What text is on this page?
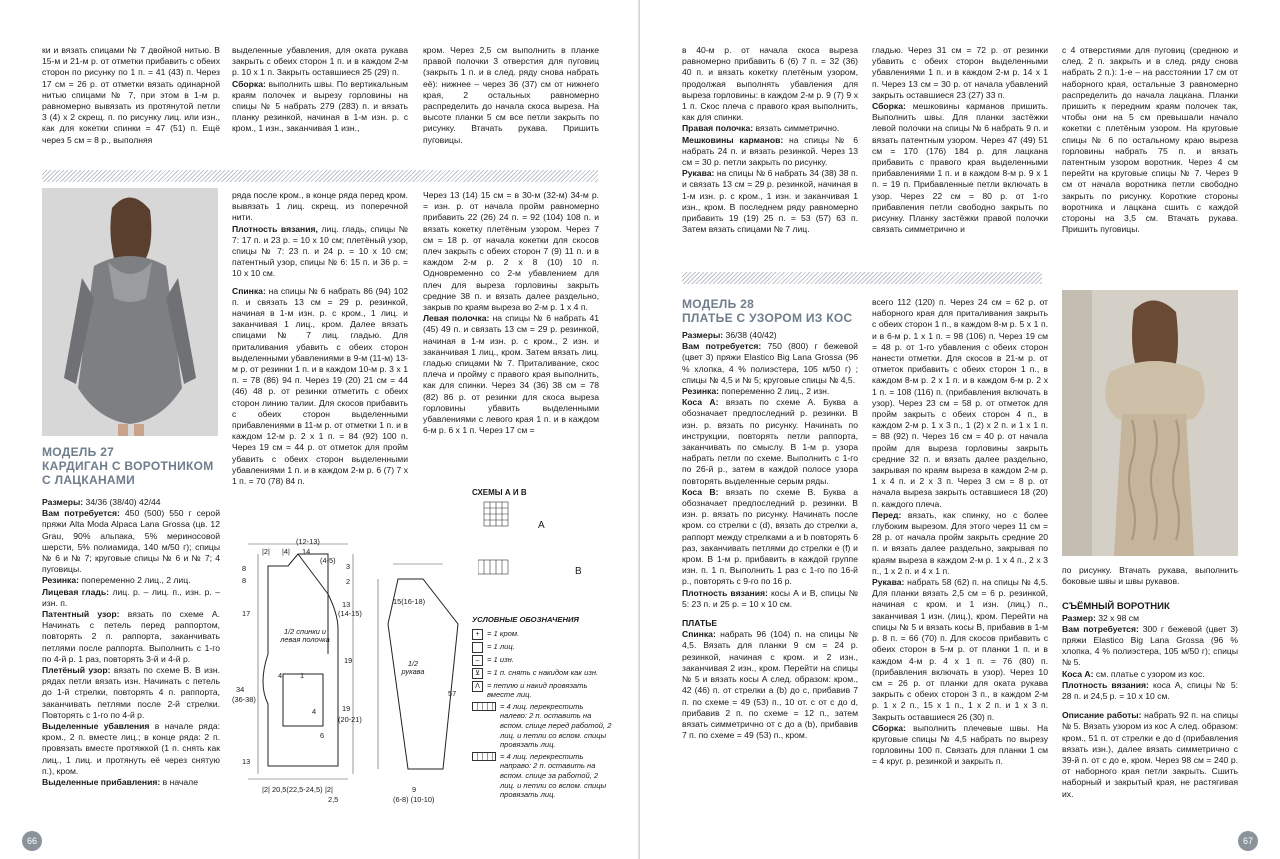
ки и вязать спицами № 7 двойной нитью. В 15-м и 21-м р. от отметки прибавить с обеих сторон по рисунку по 1 п. = 41 (43) п. Через 17 см = 26 р. от отметки вязать одинарной нитью спицами № 7, при этом в 1-м р. равномерно вывязать из протянутой петли 3 (4) х 2 скрещ. п. по рисунку лиц. или изн., как для кокетки спинки = 47 (51) п. Ещё через 5 см = 8 р., выполняя

выделенные убавления, для оката рукава закрыть с обеих сторон 1 п. и в каждом 2-м р. 10 х 1 п. Закрыть оставшиеся 25 (29) п.

Сборка: выполнить швы. По вертикальным краям полочек и вырезу горловины на спицы № 5 набрать 279 (283) п. и вязать планку резинкой, начиная в 1-м изн. р. с кром., 1 изн., заканчивая 1 изн.,

кром. Через 2,5 см выполнить в планке правой полочки 3 отверстия для пуговиц (закрыть 1 п. и в след. ряду снова набрать её): нижнее – через 36 (37) см от нижнего края, 2 остальных равномерно распределить до начала скоса выреза. На высоте планки 5 см все петли закрыть по рисунку. Втачать рукава. Пришить пуговицы.

МОДЕЛЬ 27
КАРДИГАН С ВОРОТНИКОМ
С ЛАЦКАНАМИ

Размеры: 34/36 (38/40) 42/44

Вам потребуется: 450 (500) 550 г серой пряжи Alta Moda Alpaca Lana Grossa (цв. 12 Grau, 90% альпака, 5% мериносовой шерсти, 5% полиамида, 140 м/50 г); спицы № 6 и № 7; круговые спицы № 6 и № 7; 4 пуговицы.

Резинка: попеременно 2 лиц., 2 лиц.

Лицевая гладь: лиц. р. – лиц. п., изн. р. – изн. п.

Патентный узор: вязать по схеме А. Начинать с петель перед раппортом, повторять 2 п. раппорта, заканчивать петлями после раппорта. Выполнить с 1-го по 4-й р. 1 раз, повторять 3-й и 4-й р.

Плетёный узор: вязать по схеме В. В изн. рядах петли вязать изн. Начинать с петель до 1-й стрелки, повторять 4 п. раппорта, заканчивать петлями после 2-й стрелки. Повторять с 1-го по 4-й р.

Выделенные убавления в начале ряда: кром., 2 п. вместе лиц.; в конце ряда: 2 п. провязать вместе протяжкой (1 п. снять как лиц., 1 лиц. и протянуть её через снятую п.), кром.

Выделенные прибавления: в начале

ряда после кром., в конце ряда перед кром. вывязать 1 лиц. скрещ. из поперечной нити.

Плотность вязания, лиц. гладь, спицы № 7: 17 п. и 23 р. = 10 х 10 см; плетёный узор, спицы № 7: 23 п. и 24 р. = 10 х 10 см; патентный узор, спицы № 6: 15 п. и 36 р. = 10 х 10 см.

Спинка: на спицы № 6 набрать 86 (94) 102 п. и связать 13 см = 29 р. резинкой, начиная в 1-м изн. р. с кром., 1 лиц. и заканчивая 1 лиц., кром. Далее вязать спицами № 7 лиц. гладью. Для приталивания убавить с обеих сторон выделенными убавлениями в 9-м (11-м) 13-м р. от резинки 1 п. и в каждом 10-м р. 3 х 1 п. = 78 (86) 94 п. Через 19 (20) 21 см = 44 (46) 48 р. от резинки отметить с обеих сторон линию талии. Для скосов прибавить с обеих сторон выделенными прибавлениями в 11-м р. от отметки 1 п. и в каждом 12-м р. 2 х 1 п. = 84 (92) 100 п. Через 19 см = 44 р. от отметок для пройм убавить с обеих сторон выделенными убавлениями 1 п. и в каждом 2-м р. 6 (7) 7 х 1 п. = 70 (78) 84 п.

Через 13 (14) 15 см = в 30-м (32-м) 34-м р. = изн. р. от начала пройм равномерно прибавить 22 (26) 24 п. = 92 (104) 108 п. и вязать кокетку плетёным узором. Через 7 см = 18 р. от начала кокетки для скосов плеч закрыть с обеих сторон 7 (9) 11 п. и в каждом 2-м р. 2 х 8 (10) 10 п. Одновременно со 2-м убавлением для плеч для выреза горловины закрыть средние 38 п. и вязать далее раздельно, закрыв по краям выреза во 2-м р. 1 х 4 п.

Левая полочка: на спицы № 6 набрать 41 (45) 49 п. и связать 13 см = 29 р. резинкой, начиная в 1-м изн. р. с кром., 2 изн. и заканчивая 1 лиц., кром. Затем вязать лиц. гладью спицами № 7. Приталивание, скос плеча и пройму с правого края выполнить, как для спинки. Через 34 (36) 38 см = 78 (82) 86 р. от резинки для скоса выреза горловины убавить выделенными убавлениями с левого края 1 п. и в каждом 6-м р. 6 х 1 п. Через 17 см =

(12-13)
|2|
8
|4| 14
(4-5)
8
3
2
17
13
(14-15)
19
34
(36-38)
4 1
19
(20-21)
4
6
13
|2| 20,5(22,5-24,5) |2|
2,5
1/2 спинки и левая полочка
15(16-18)
57
9
(6-8) (10-10)
1/2 рукава
СХЕМЫ А И В
А
В
УСЛОВНЫЕ ОБОЗНАЧЕНИЯ
+ = 1 кром.
= 1 лиц.
– = 1 изн.
⊻ = 1 п. снять с накидом как изн.
ᐱ = петлю и накид провязать вместе лиц.
= 4 лиц. перекрестить налево: 2 п. оставить на вспом. спице перед работой, 2 лиц. и петли со вспом. спицы провязать лиц.
= 4 лиц. перекрестить направо: 2 п. оставить на вспом. спице за работой, 2 лиц. и петли со вспом. спицы провязать лиц.
66

в 40-м р. от начала скоса выреза равномерно прибавить 6 (6) 7 п. = 32 (36) 40 п. и вязать кокетку плетёным узором, продолжая выполнять убавления для выреза горловины: в каждом 2-м р. 9 (7) 9 х 1 п. Скос плеча с правого края выполнить, как для спинки.

Правая полочка: вязать симметрично.

Мешковины карманов: на спицы № 6 набрать 24 п. и вязать резинкой. Через 13 см = 30 р. петли закрыть по рисунку.

Рукава: на спицы № 6 набрать 34 (38) 38 п. и связать 13 см = 29 р. резинкой, начиная в 1-м изн. р. с кром., 1 изн. и заканчивая 1 изн., кром. В последнем ряду равномерно прибавить 19 (19) 25 п. = 53 (57) 63 п. Затем вязать спицами № 7 лиц.

гладью. Через 31 см = 72 р. от резинки убавить с обеих сторон выделенными убавлениями 1 п. и в каждом 2-м р. 14 х 1 п. Через 13 см = 30 р. от начала убавлений закрыть оставшиеся 23 (27) 33 п.

Сборка: мешковины карманов пришить. Выполнить швы. Для планки застёжки левой полочки на спицы № 6 набрать 9 п. и вязать патентным узором. Через 47 (49) 51 см = 170 (176) 184 р. для лацкана прибавить с правого края выделенными прибавлениями 1 п. и в каждом 8-м р. 9 х 1 п. = 19 п. Прибавленные петли включать в узор. Через 22 см = 80 р. от 1-го прибавления петли свободно закрыть по рисунку. Планку застёжки правой полочки связать симметрично и

с 4 отверстиями для пуговиц (среднюю и след. 2 п. закрыть и в след. ряду снова набрать 2 п.): 1-е – на расстоянии 17 см от наборного края, остальные 3 равномерно распределить до начала лацкана. Планки пришить к передним краям полочек так, чтобы они на 5 см превышали начало кокетки с плетёным узором. На круговые спицы № 6 по остальному краю выреза горловины набрать 75 п. и вязать патентным узором воротник. Через 4 см перейти на круговые спицы № 7. Через 9 см от начала воротника петли свободно закрыть по рисунку. Короткие стороны воротника и лацкана сшить с каждой стороны на 3,5 см. Втачать рукава. Пришить пуговицы.

МОДЕЛЬ 28
ПЛАТЬЕ С УЗОРОМ ИЗ КОС

Размеры: 36/38 (40/42)

Вам потребуется: 750 (800) г бежевой (цвет 3) пряжи Elastico Big Lana Grossa (96 % хлопка, 4 % полиэстера, 105 м/50 г) ; спицы № 4,5 и № 5; круговые спицы № 4,5.

Резинка: попеременно 2 лиц., 2 изн.

Коса А: вязать по схеме А. Буква а обозначает предпоследний р. резинки. В изн. р. вязать по рисунку. Начинать по инструкции, повторять петли раппорта, заканчивать по смыслу. В 1-м р. узора набрать петли по схеме. Выполнить с 1-го по 26-й р., затем в каждой полосе узора повторять выделенные серым ряды.

Коса В: вязать по схеме В. Буква а обозначает предпоследний р. резинки. В изн. р. вязать по рисунку. Начинать после кром. со стрелки с (d), вязать до стрелки а, раппорт между стрелками а и b повторять 6 раз, заканчивать петлями до стрелки е (f) и кром. В 1-м р. прибавить в каждой группе изн. п. 1 п. Выполнить 1 раз с 1-го по 16-й р., повторять с 9-го по 16 р.

Плотность вязания: косы А и В, спицы № 5: 23 п. и 25 р. = 10 х 10 см.

ПЛАТЬЕ

Спинка: набрать 96 (104) п. на спицы № 4,5. Вязать для планки 9 см = 24 р. резинкой, начиная с кром. и 2 изн., заканчивая 2 изн., кром. Перейти на спицы № 5 и вязать косы А след. образом: кром., 42 (46) п. от стрелки а (b) до с, прибавив 7 п. по схеме = 49 (53) п., 10 от. с от с до d, прибавив 2 п. по схеме = 12 п., затем вязать симметрично от с до а (b), прибавив 7 п. по схеме = 49 (53) п., кром.

всего 112 (120) п. Через 24 см = 62 р. от наборного края для приталивания закрыть с обеих сторон 1 п., в каждом 8-м р. 5 х 1 п. и в 6-м р. 1 х 1 п. = 98 (106) п. Через 19 см = 48 р. от 1-го убавления с обеих сторон нанести отметки. Для скосов в 21-м р. от отметок прибавить с обеих сторон 1 п., в каждом 8-м р. 2 х 1 п. и в каждом 6-м р. 2 х 1 п. = 108 (116) п. (прибавления включать в узор). Через 23 см = 58 р. от отметок для пройм закрыть с обеих сторон 4 п., в каждом 2-м р. 1 х 3 п., 1 (2) х 2 п. и 1 х 1 п. = 88 (92) п. Через 16 см = 40 р. от начала пройм для выреза горловины закрыть средние 32 п. и вязать далее раздельно, закрывая по краям выреза в каждом 2-м р. 1 х 4 п. и 2 х 3 п. Через 3 см = 8 р. от начала выреза закрыть оставшиеся 18 (20) п. каждого плеча.

Перед: вязать, как спинку, но с более глубоким вырезом. Для этого через 11 см = 28 р. от начала пройм закрыть средние 20 п. и вязать далее раздельно, закрывая по краям выреза в каждом 2-м р. 1 х 4 п., 2 х 3 п., 1 х 2 п. и 4 х 1 п.

Рукава: набрать 58 (62) п. на спицы № 4,5. Для планки вязать 2,5 см = 6 р. резинкой, начиная с кром. и 1 изн. (лиц.) п., заканчивая 1 изн. (лиц.), кром. Перейти на спицы № 5 и вязать косы В, прибавив в 1-м р. 8 п. = 66 (70) п. Для скосов прибавить с обеих сторон в 5-м р. от планки 1 п. и в каждом 4-м р. 4 х 1 п. = 76 (80) п. (прибавления включать в узор). Через 10 см = 26 р. от планки для оката рукава закрыть с обеих сторон 3 п., в каждом 2-м р. 1 х 2 п., 15 х 1 п., 1 х 2 п. и 1 х 3 п. Закрыть оставшиеся 26 (30) п.

Сборка: выполнить плечевые швы. На круговые спицы № 4,5 набрать по вырезу горловины 100 п. Связать для планки 1 см = 4 круг. р. резинкой и закрыть п.

по рисунку. Втачать рукава, выполнить боковые швы и швы рукавов.

СЪЁМНЫЙ ВОРОТНИК

Размер: 32 x 98 см

Вам потребуется: 300 г бежевой (цвет 3) пряжи Elastico Big Lana Grossa (96 % хлопка, 4 % полиэстера, 105 м/50 г); спицы № 5.

Коса А: см. платье с узором из кос.

Плотность вязания: коса А, спицы № 5: 28 п. и 24,5 р. = 10 х 10 см.

Описание работы: набрать 92 п. на спицы № 5. Вязать узором из кос А след. образом: кром., 51 п. от стрелки е до d (прибавления вязать изн.), далее вязать симметрично с 39-й п. от с до е, кром. Через 98 см = 240 р. от наборного края петли закрыть. Сшить наборный и закрытый края, не растягивая их.

67
